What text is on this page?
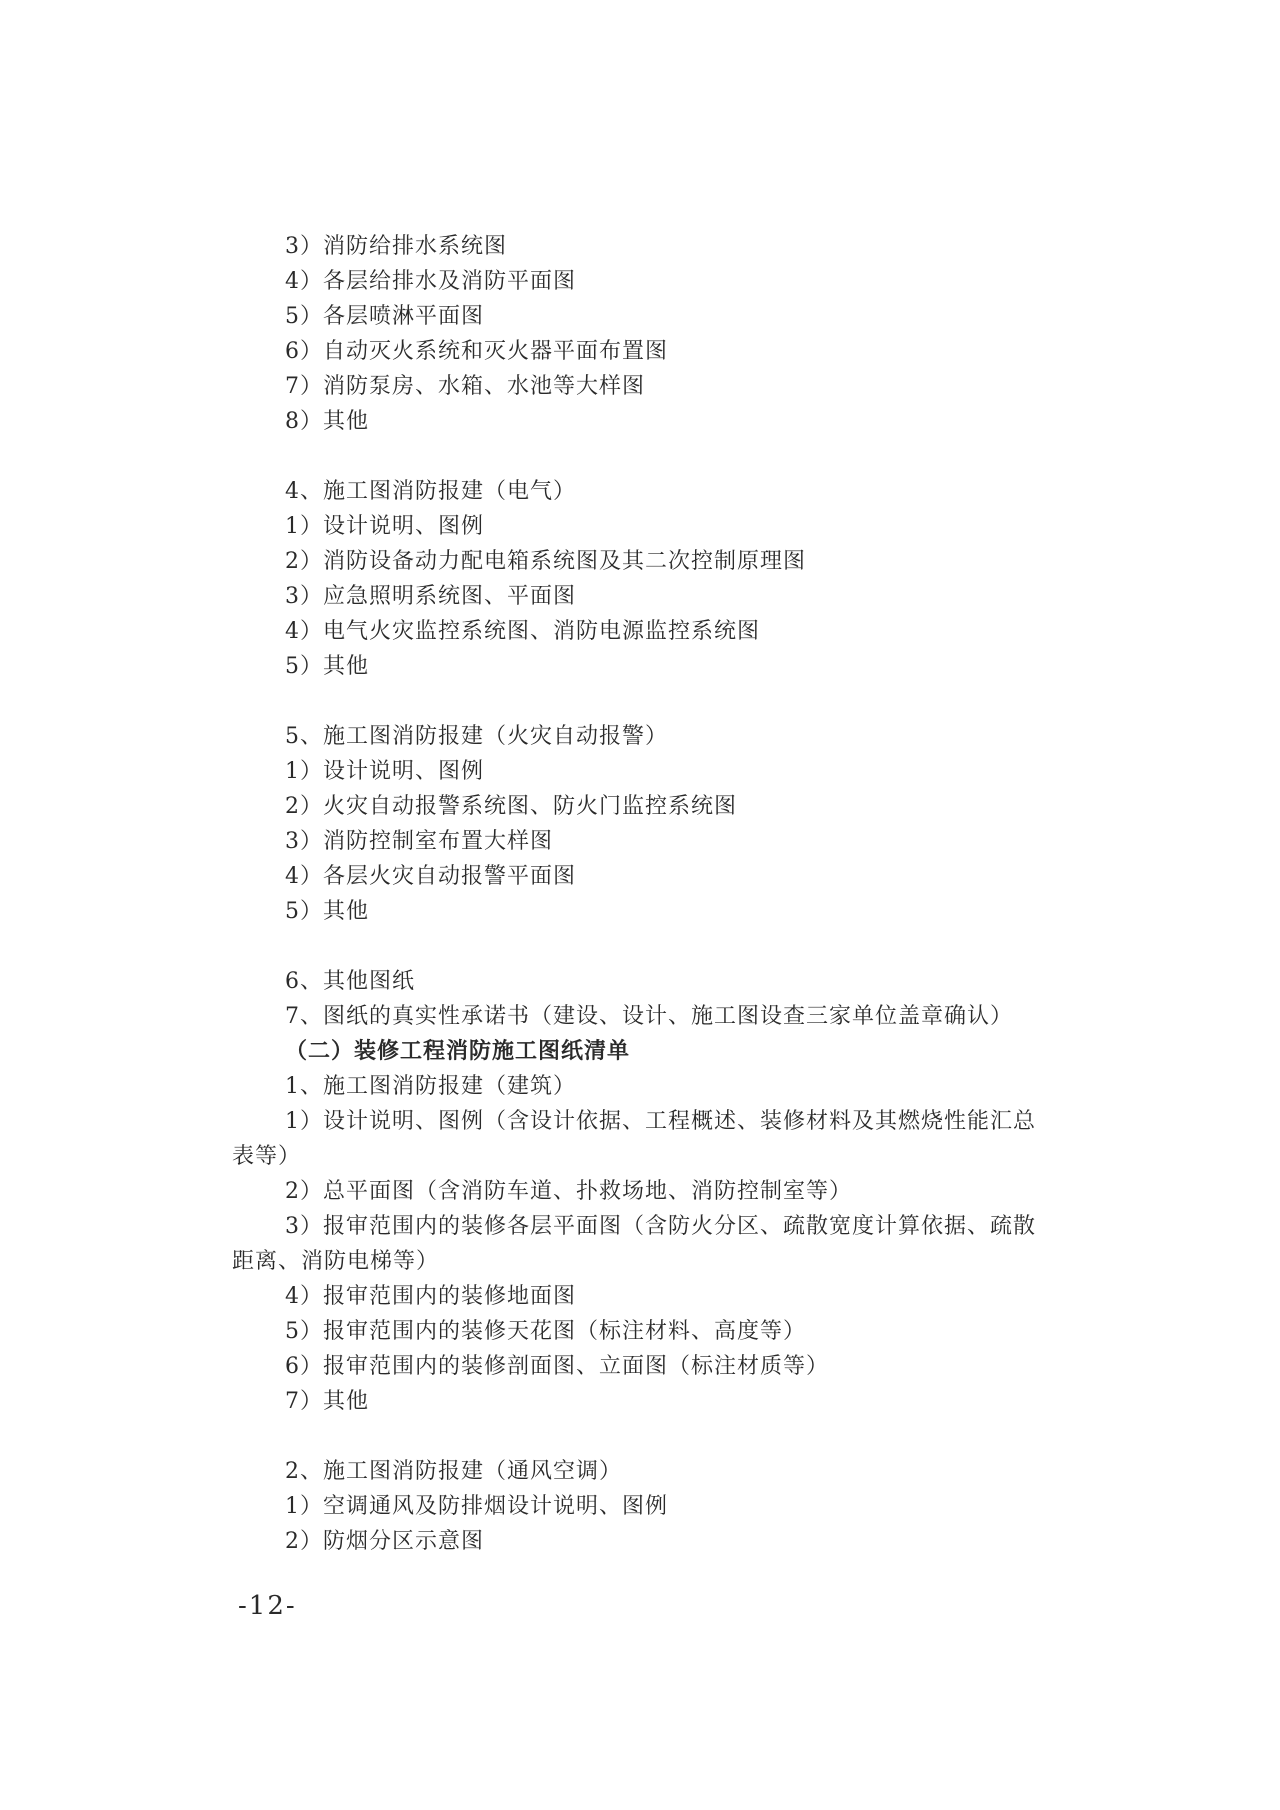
3）消防给排水系统图
4）各层给排水及消防平面图
5）各层喷淋平面图
6）自动灭火系统和灭火器平面布置图
7）消防泵房、水箱、水池等大样图
8）其他
4、施工图消防报建（电气）
1）设计说明、图例
2）消防设备动力配电箱系统图及其二次控制原理图
3）应急照明系统图、平面图
4）电气火灾监控系统图、消防电源监控系统图
5）其他
5、施工图消防报建（火灾自动报警）
1）设计说明、图例
2）火灾自动报警系统图、防火门监控系统图
3）消防控制室布置大样图
4）各层火灾自动报警平面图
5）其他
6、其他图纸
7、图纸的真实性承诺书（建设、设计、施工图设查三家单位盖章确认）
（二）装修工程消防施工图纸清单
1、施工图消防报建（建筑）
1）设计说明、图例（含设计依据、工程概述、装修材料及其燃烧性能汇总
表等）
2）总平面图（含消防车道、扑救场地、消防控制室等）
3）报审范围内的装修各层平面图（含防火分区、疏散宽度计算依据、疏散
距离、消防电梯等）
4）报审范围内的装修地面图
5）报审范围内的装修天花图（标注材料、高度等）
6）报审范围内的装修剖面图、立面图（标注材质等）
7）其他
2、施工图消防报建（通风空调）
1）空调通风及防排烟设计说明、图例
2）防烟分区示意图
-12-
